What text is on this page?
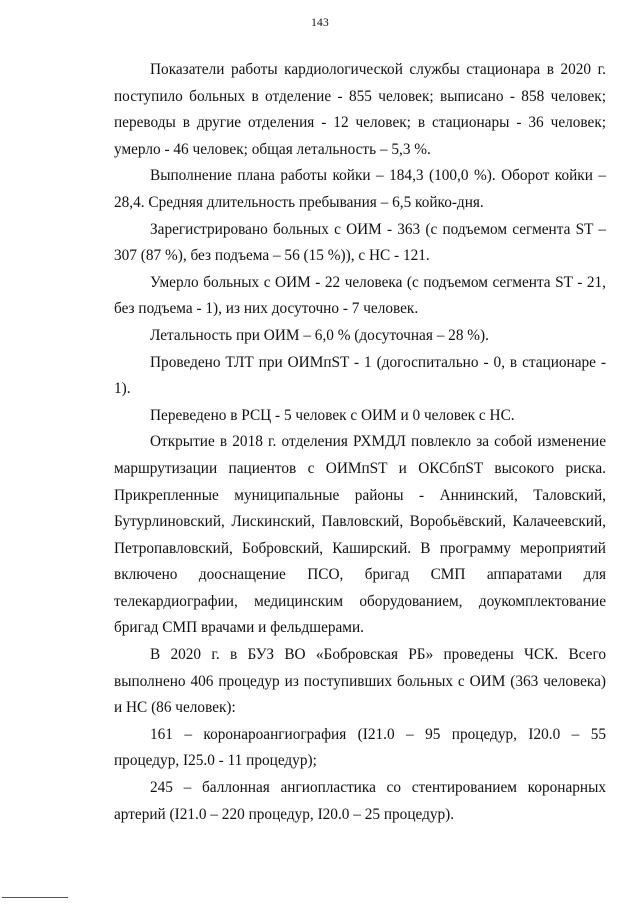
143

Показатели работы кардиологической службы стационара в 2020 г. поступило больных в отделение - 855 человек; выписано - 858 человек; переводы в другие отделения - 12 человек; в стационары - 36 человек; умерло - 46 человек; общая летальность – 5,3 %.

Выполнение плана работы койки – 184,3 (100,0 %). Оборот койки – 28,4. Средняя длительность пребывания – 6,5 койко-дня.

Зарегистрировано больных с ОИМ - 363 (с подъемом сегмента ST – 307 (87 %), без подъема – 56 (15 %)), с НС - 121.

Умерло больных с ОИМ - 22 человека (с подъемом сегмента ST - 21, без подъема - 1), из них досуточно - 7 человек.

Летальность при ОИМ – 6,0 % (досуточная – 28 %).

Проведено ТЛТ при ОИМпST - 1 (догоспитально - 0, в стационаре - 1).

Переведено в РСЦ - 5 человек с ОИМ и 0 человек с НС.

Открытие в 2018 г. отделения РХМДЛ повлекло за собой изменение маршрутизации пациентов с ОИМпST и ОКСбпST высокого риска. Прикрепленные муниципальные районы - Аннинский, Таловский, Бутурлиновский, Лискинский, Павловский, Воробьёвский, Калачеевский, Петропавловский, Бобровский, Каширский. В программу мероприятий включено дооснащение ПСО, бригад СМП аппаратами для телекардиографии, медицинским оборудованием, доукомплектование бригад СМП врачами и фельдшерами.

В 2020 г. в БУЗ ВО «Бобровская РБ» проведены ЧСК. Всего выполнено 406 процедур из поступивших больных с ОИМ (363 человека) и НС (86 человек):

161 – коронароангиография (I21.0 – 95 процедур, I20.0 – 55 процедур, I25.0 - 11 процедур);

245 – баллонная ангиопластика со стентированием коронарных артерий (I21.0 – 220 процедур, I20.0 – 25 процедур).
